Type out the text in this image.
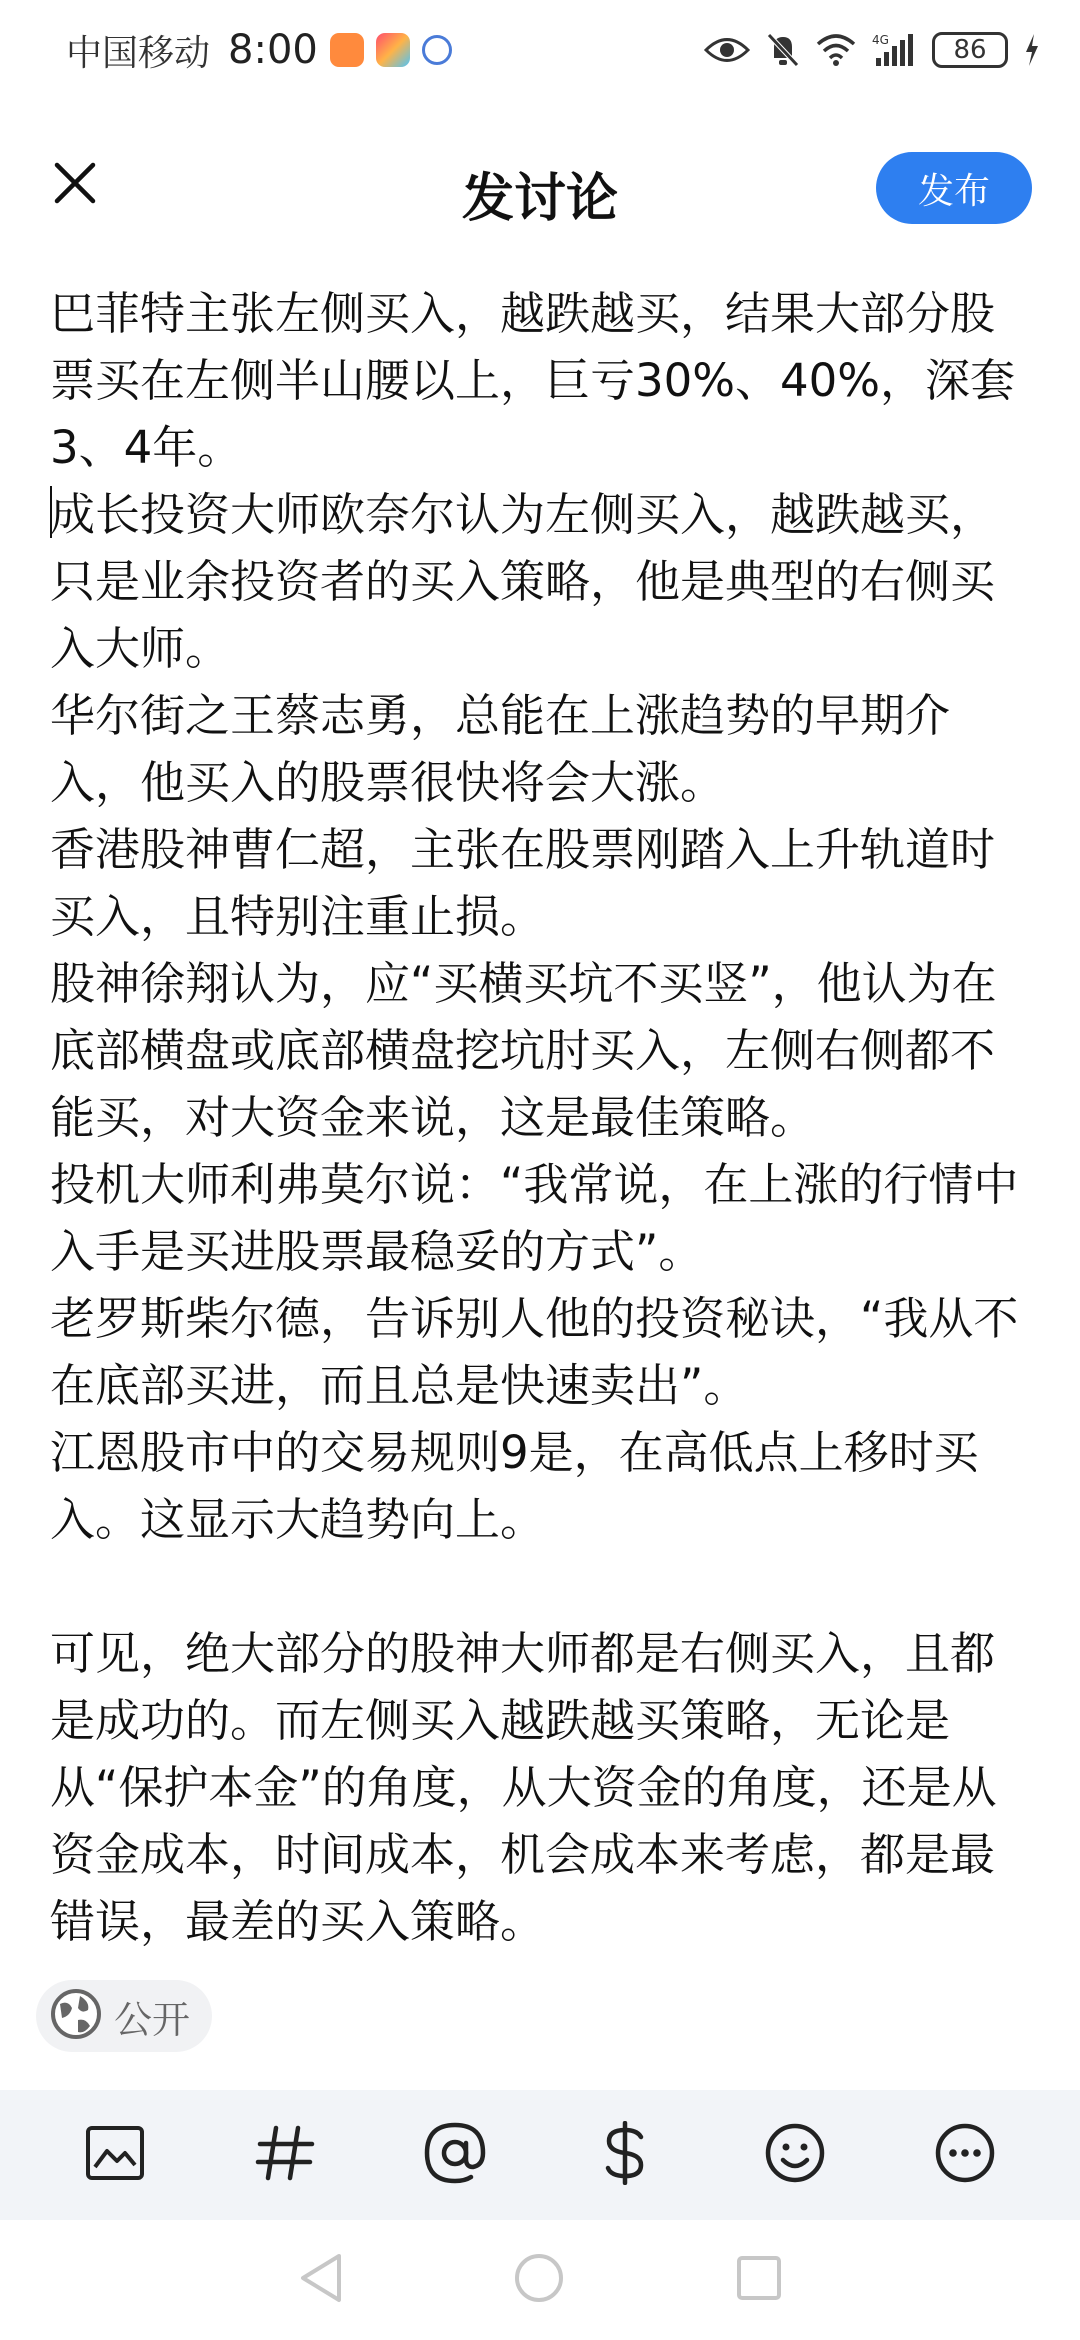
中国移动 8:00	4G	86
发讨论	发布

巴菲特主张左侧买入，越跌越买，结果大部分股票买在左侧半山腰以上，巨亏30%、40%，深套3、4年。

成长投资大师欧奈尔认为左侧买入，越跌越买，只是业余投资者的买入策略，他是典型的右侧买入大师。

华尔街之王蔡志勇，总能在上涨趋势的早期介入，他买入的股票很快将会大涨。

香港股神曹仁超，主张在股票刚踏入上升轨道时买入，且特别注重止损。

股神徐翔认为，应“买横买坑不买竖”，他认为在底部横盘或底部横盘挖坑肘买入，左侧右侧都不能买，对大资金来说，这是最佳策略。

投机大师利弗莫尔说：“我常说，在上涨的行情中入手是买进股票最稳妥的方式”。

老罗斯柴尔德，告诉别人他的投资秘诀，“我从不在底部买进，而且总是快速卖出”。

江恩股市中的交易规则9是，在高低点上移时买入。这显示大趋势向上。

可见，绝大部分的股神大师都是右侧买入，且都是成功的。而左侧买入越跌越买策略，无论是从“保护本金”的角度，从大资金的角度，还是从资金成本，时间成本，机会成本来考虑，都是最错误，最差的买入策略。

公开
